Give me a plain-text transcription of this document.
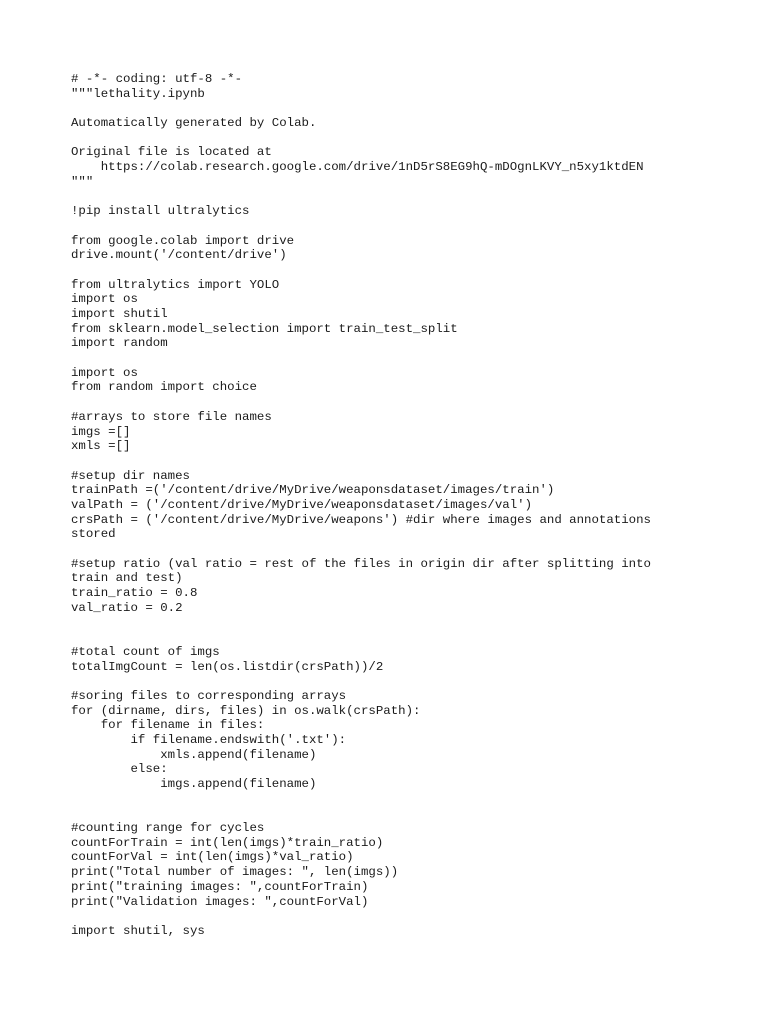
# -*- coding: utf-8 -*-
"""lethality.ipynb
Automatically generated by Colab.
Original file is located at
https://colab.research.google.com/drive/1nD5rS8EG9hQ-mDOgnLKVY_n5xy1ktdEN
"""
!pip install ultralytics
from google.colab import drive
drive.mount('/content/drive')
from ultralytics import YOLO
import os
import shutil
from sklearn.model_selection import train_test_split
import random
import os
from random import choice
#arrays to store file names
imgs =[]
xmls =[]
#setup dir names
trainPath =('/content/drive/MyDrive/weaponsdataset/images/train')
valPath = ('/content/drive/MyDrive/weaponsdataset/images/val')
crsPath = ('/content/drive/MyDrive/weapons') #dir where images and annotations
stored
#setup ratio (val ratio = rest of the files in origin dir after splitting into
train and test)
train_ratio = 0.8
val_ratio = 0.2
#total count of imgs
totalImgCount = len(os.listdir(crsPath))/2
#soring files to corresponding arrays
for (dirname, dirs, files) in os.walk(crsPath):
for filename in files:
if filename.endswith('.txt'):
xmls.append(filename)
else:
imgs.append(filename)
#counting range for cycles
countForTrain = int(len(imgs)*train_ratio)
countForVal = int(len(imgs)*val_ratio)
print("Total number of images: ", len(imgs))
print("training images: ",countForTrain)
print("Validation images: ",countForVal)
import shutil, sys
